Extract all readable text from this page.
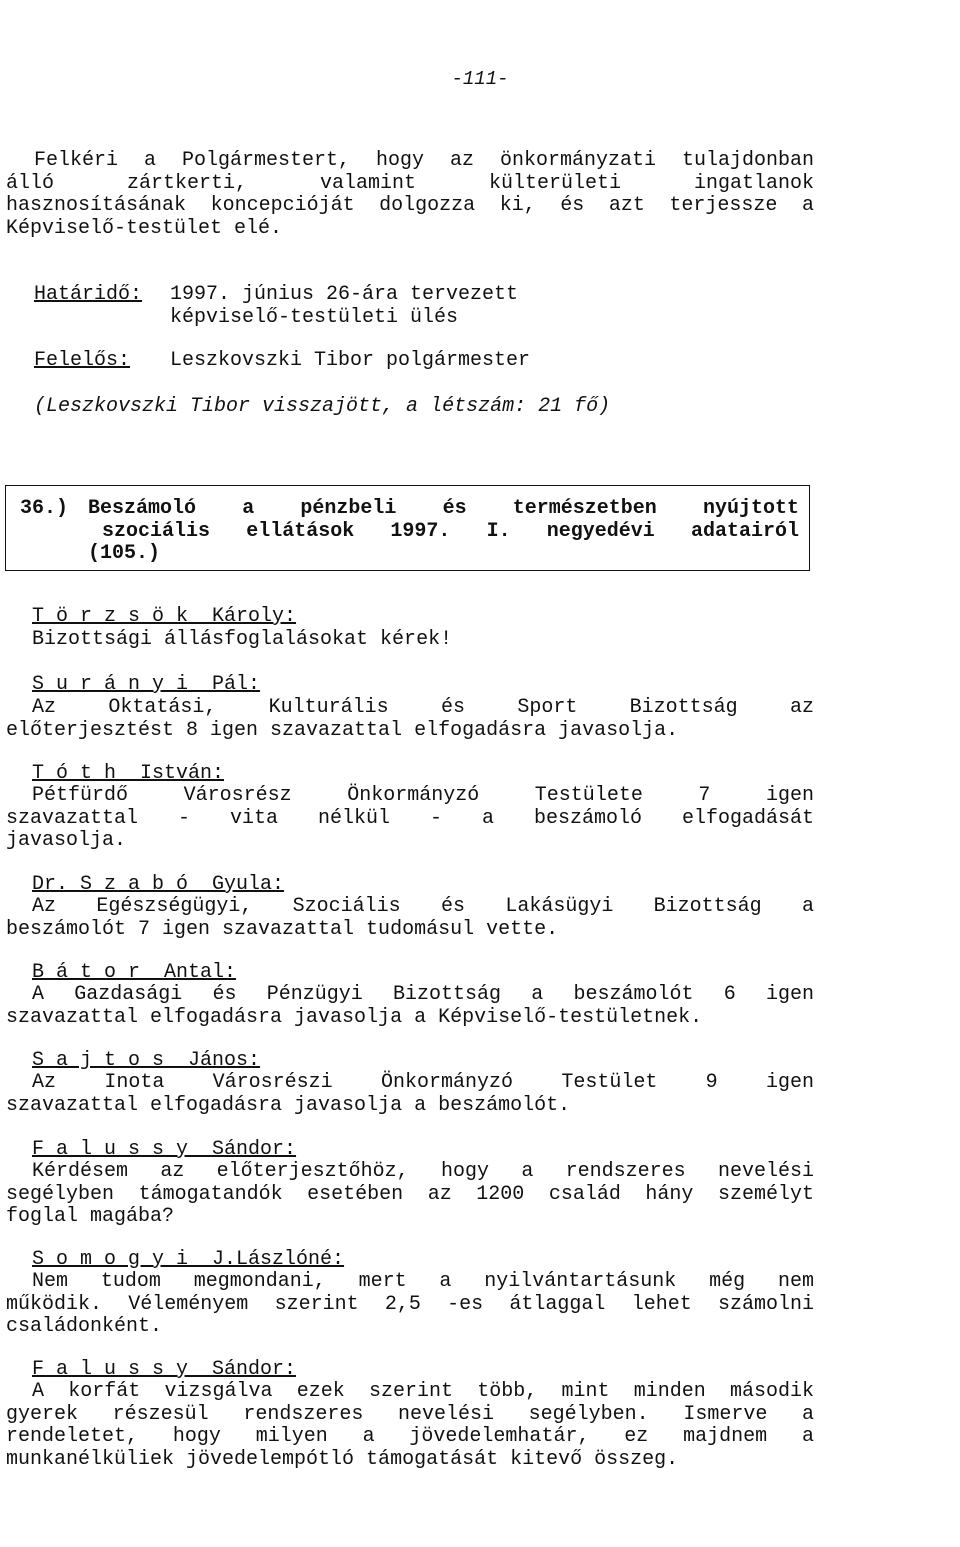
-111-
Felkéri a Polgármestert, hogy az önkormányzati tulajdonban
álló zártkerti, valamint külterületi ingatlanok
hasznosításának koncepcióját dolgozza ki, és azt terjessze a
Képviselő-testület elé.
Határidő: 1997. június 26-ára tervezett
képviselő-testületi ülés
Felelős: Leszkovszki Tibor polgármester
(Leszkovszki Tibor visszajött, a létszám: 21 fő)
36.) Beszámoló a pénzbeli és természetben nyújtott
szociális ellátások 1997. I. negyedévi adatairól
(105.)
T ö r z s ö k  Károly:
Bizottsági állásfoglalásokat kérek!
S u r á n y i  Pál:
Az Oktatási, Kulturális és Sport Bizottság az
előterjesztést 8 igen szavazattal elfogadásra javasolja.
T ó t h  István:
Pétfürdő Városrész Önkormányzó Testülete 7 igen
szavazattal - vita nélkül - a beszámoló elfogadását
javasolja.
Dr. S z a b ó  Gyula:
Az Egészségügyi, Szociális és Lakásügyi Bizottság a
beszámolót 7 igen szavazattal tudomásul vette.
B á t o r  Antal:
A Gazdasági és Pénzügyi Bizottság a beszámolót 6 igen
szavazattal elfogadásra javasolja a Képviselő-testületnek.
S a j t o s  János:
Az Inota Városrészi Önkormányzó Testület 9 igen
szavazattal elfogadásra javasolja a beszámolót.
F a l u s s y  Sándor:
Kérdésem az előterjesztőhöz, hogy a rendszeres nevelési
segélyben támogatandók esetében az 1200 család hány személyt
foglal magába?
S o m o g y i  J.Lászlóné:
Nem tudom megmondani, mert a nyilvántartásunk még nem
működik. Véleményem szerint 2,5 -es átlaggal lehet számolni
családonként.
F a l u s s y  Sándor:
A korfát vizsgálva ezek szerint több, mint minden második
gyerek részesül rendszeres nevelési segélyben. Ismerve a
rendeletet, hogy milyen a jövedelemhatár, ez majdnem a
munkanélküliek jövedelempótló támogatását kitevő összeg.
